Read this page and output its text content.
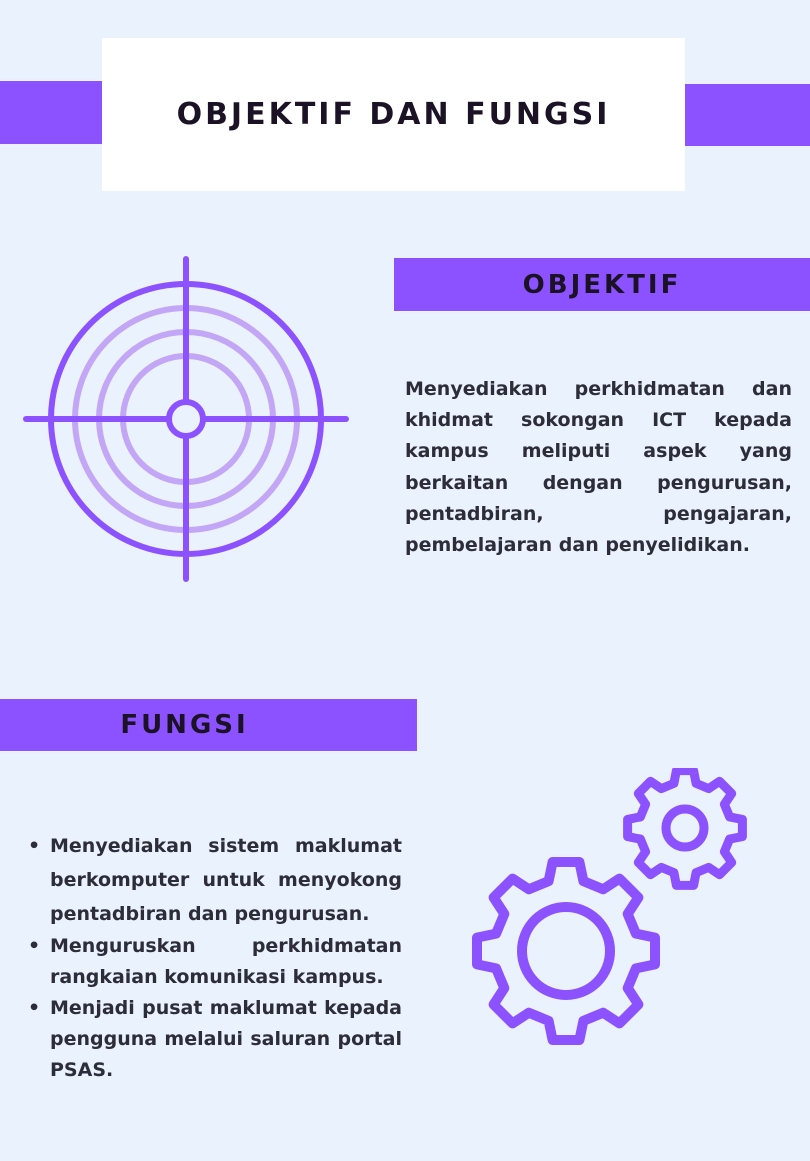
OBJEKTIF DAN FUNGSI
OBJEKTIF

Menyediakan perkhidmatan dan khidmat sokongan ICT kepada kampus meliputi aspek yang berkaitan dengan pengurusan, pentadbiran, pengajaran, pembelajaran dan penyelidikan.

FUNGSI
• Menyediakan sistem maklumat berkomputer untuk menyokong pentadbiran dan pengurusan.
• Menguruskan perkhidmatan rangkaian komunikasi kampus.
• Menjadi pusat maklumat kepada pengguna melalui saluran portal PSAS.
